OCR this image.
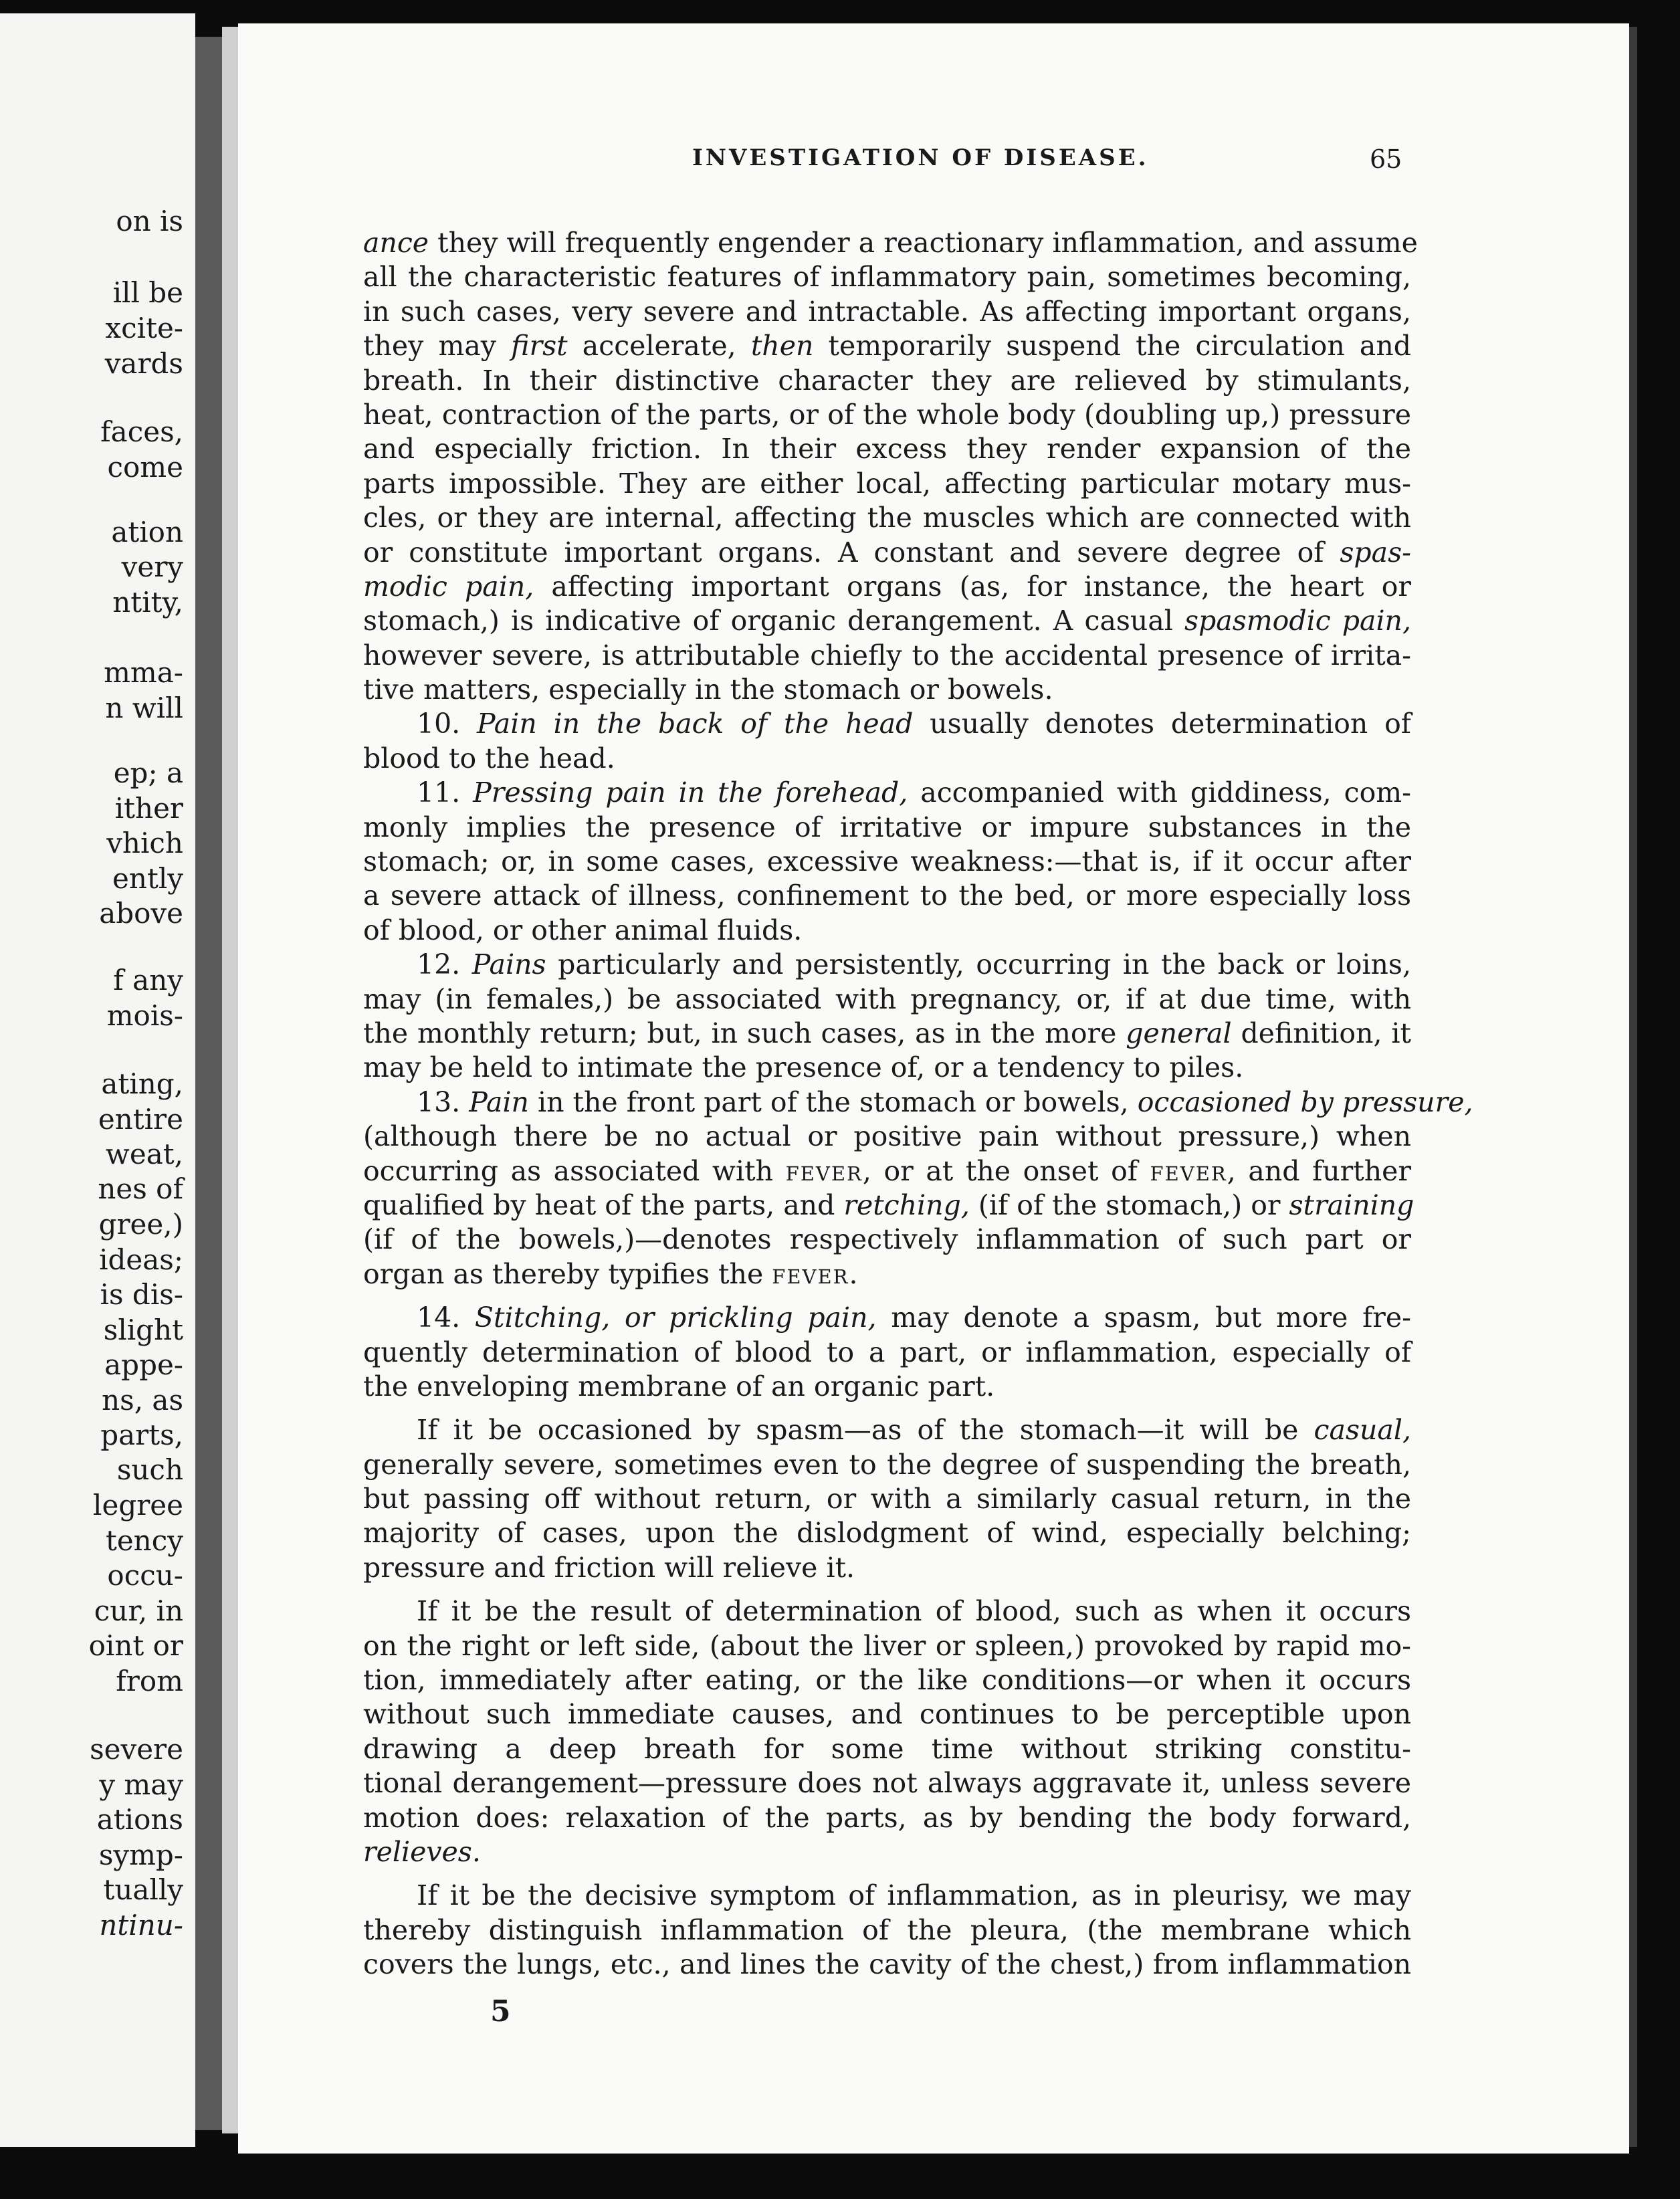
on is
ill be
xcite-
vards
faces,
come
ation
very
ntity,
mma-
n will
ep; a
ither
vhich
ently
above
f any
mois-
ating,
entire
weat,
nes of
gree,)
ideas;
is dis-
slight
appe-
ns, as
parts,
such
legree
tency
occu-
cur, in
oint or
from
severe
y may
ations
symp-
tually
ntinu-
INVESTIGATION OF DISEASE.	65
ance they will frequently engender a reactionary inflammation, and assume
all the characteristic features of inflammatory pain, sometimes becoming,
in such cases, very severe and intractable. As affecting important organs,
they may first accelerate, then temporarily suspend the circulation and
breath. In their distinctive character they are relieved by stimulants,
heat, contraction of the parts, or of the whole body (doubling up,) pressure
and especially friction. In their excess they render expansion of the
parts impossible. They are either local, affecting particular motary mus-
cles, or they are internal, affecting the muscles which are connected with
or constitute important organs. A constant and severe degree of spas-
modic pain, affecting important organs (as, for instance, the heart or
stomach,) is indicative of organic derangement. A casual spasmodic pain,
however severe, is attributable chiefly to the accidental presence of irrita-
tive matters, especially in the stomach or bowels.
10. Pain in the back of the head usually denotes determination of
blood to the head.
11. Pressing pain in the forehead, accompanied with giddiness, com-
monly implies the presence of irritative or impure substances in the
stomach; or, in some cases, excessive weakness:—that is, if it occur after
a severe attack of illness, confinement to the bed, or more especially loss
of blood, or other animal fluids.
12. Pains particularly and persistently, occurring in the back or loins,
may (in females,) be associated with pregnancy, or, if at due time, with
the monthly return; but, in such cases, as in the more general definition, it
may be held to intimate the presence of, or a tendency to piles.
13. Pain in the front part of the stomach or bowels, occasioned by pressure,
(although there be no actual or positive pain without pressure,) when
occurring as associated with fever, or at the onset of fever, and further
qualified by heat of the parts, and retching, (if of the stomach,) or straining
(if of the bowels,)—denotes respectively inflammation of such part or
organ as thereby typifies the fever.
14. Stitching, or prickling pain, may denote a spasm, but more fre-
quently determination of blood to a part, or inflammation, especially of
the enveloping membrane of an organic part.
If it be occasioned by spasm—as of the stomach—it will be casual,
generally severe, sometimes even to the degree of suspending the breath,
but passing off without return, or with a similarly casual return, in the
majority of cases, upon the dislodgment of wind, especially belching;
pressure and friction will relieve it.
If it be the result of determination of blood, such as when it occurs
on the right or left side, (about the liver or spleen,) provoked by rapid mo-
tion, immediately after eating, or the like conditions—or when it occurs
without such immediate causes, and continues to be perceptible upon
drawing a deep breath for some time without striking constitu-
tional derangement—pressure does not always aggravate it, unless severe
motion does: relaxation of the parts, as by bending the body forward,
relieves.
If it be the decisive symptom of inflammation, as in pleurisy, we may
thereby distinguish inflammation of the pleura, (the membrane which
covers the lungs, etc., and lines the cavity of the chest,) from inflammation
5
